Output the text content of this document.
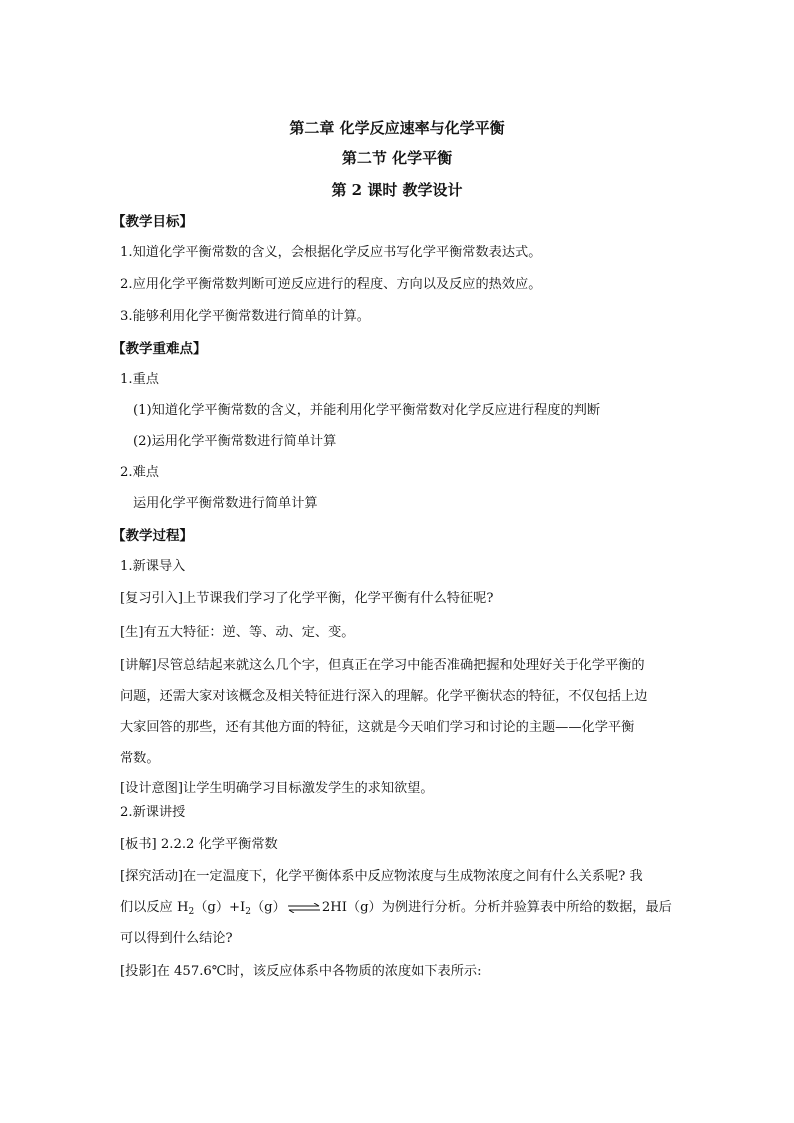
第二章 化学反应速率与化学平衡
第二节 化学平衡
第 2 课时 教学设计
【教学目标】
1.知道化学平衡常数的含义，会根据化学反应书写化学平衡常数表达式。
2.应用化学平衡常数判断可逆反应进行的程度、方向以及反应的热效应。
3.能够利用化学平衡常数进行简单的计算。
【教学重难点】
1.重点
(1)知道化学平衡常数的含义，并能利用化学平衡常数对化学反应进行程度的判断
(2)运用化学平衡常数进行简单计算
2.难点
运用化学平衡常数进行简单计算
【教学过程】
1.新课导入
[复习引入]上节课我们学习了化学平衡，化学平衡有什么特征呢?
[生]有五大特征：逆、等、动、定、变。
[讲解]尽管总结起来就这么几个字，但真正在学习中能否准确把握和处理好关于化学平衡的
问题，还需大家对该概念及相关特征进行深入的理解。化学平衡状态的特征，不仅包括上边
大家回答的那些，还有其他方面的特征，这就是今天咱们学习和讨论的主题——化学平衡
常数。
[设计意图]让学生明确学习目标激发学生的求知欲望。
2.新课讲授
[板书] 2.2.2 化学平衡常数
[探究活动]在一定温度下，化学平衡体系中反应物浓度与生成物浓度之间有什么关系呢? 我
们以反应 $H_2(g)+I_2(g)\rightleftharpoons 2HI(g)$为例进行分析。分析并验算表中所给的数据，最后
可以得到什么结论?
[投影]在 457.6℃时，该反应体系中各物质的浓度如下表所示:
